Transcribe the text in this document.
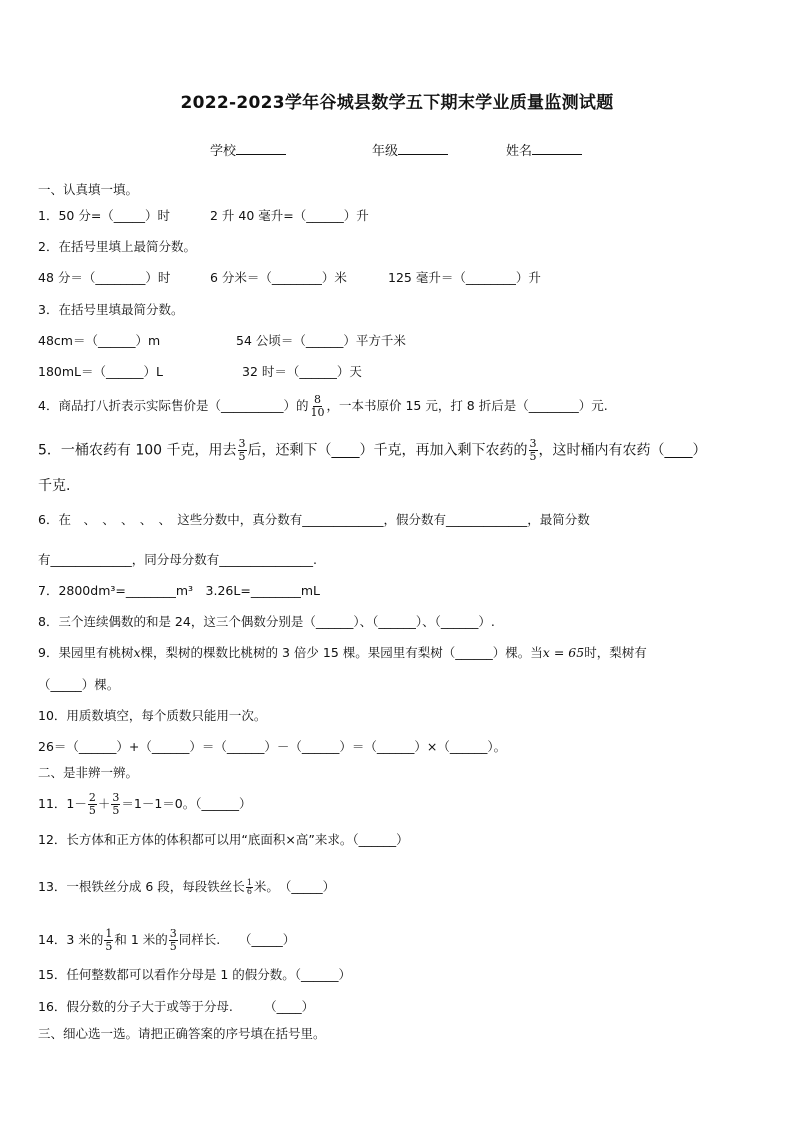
2022-2023学年谷城县数学五下期末学业质量监测试题
学校	年级	姓名
一、认真填一填。
1．50 分=（_____）时	2 升 40 毫升=（______）升
2．在括号里填上最简分数。
48 分＝（________）时	6 分米＝（________）米	125 毫升＝（________）升
3．在括号里填最简分数。
48cm＝（______）m	54 公顷＝（______）平方千米
180mL＝（______）L	32 时＝（______）天
4．商品打八折表示实际售价是（__________）的 $\frac{8}{10}$ ，一本书原价 15 元，打 8 折后是（________）元.
5．一桶农药有 100 千克，用去 $\frac{3}{5}$ 后，还剩下（____）千克，再加入剩下农药的 $\frac{3}{5}$ ，这时桶内有农药（____）
千克.
6．在　、　、　、　、　、　这些分数中，真分数有_____________，假分数有_____________，最简分数
有_____________，同分母分数有_______________.
7．2800dm³=________m³　3.26L=________mL
8．三个连续偶数的和是 24，这三个偶数分别是（______）、（______）、（______）.
9．果园里有桃树x棵，梨树的棵数比桃树的 3 倍少 15 棵。果园里有梨树（______）棵。当x = 65时，梨树有
（_____）棵。
10．用质数填空，每个质数只能用一次。
26＝（______）+（______）＝（______）－（______）＝（______）×（______）。
二、是非辨一辨。
11．$1- \frac{2}{5} + \frac{3}{5} =1-1=0$。（______）
12．长方体和正方体的体积都可以用“底面积×高”来求。（______）
13．一根铁丝分成 6 段，每段铁丝长 $\frac{1}{6}$ 米。　（_____）
14．3 米的 $\frac{1}{5}$ 和 1 米的 $\frac{3}{5}$ 同样长.　　（_____）
15．任何整数都可以看作分母是 1 的假分数。（______）
16．假分数的分子大于或等于分母.　　　（____）
三、细心选一选。请把正确答案的序号填在括号里。
